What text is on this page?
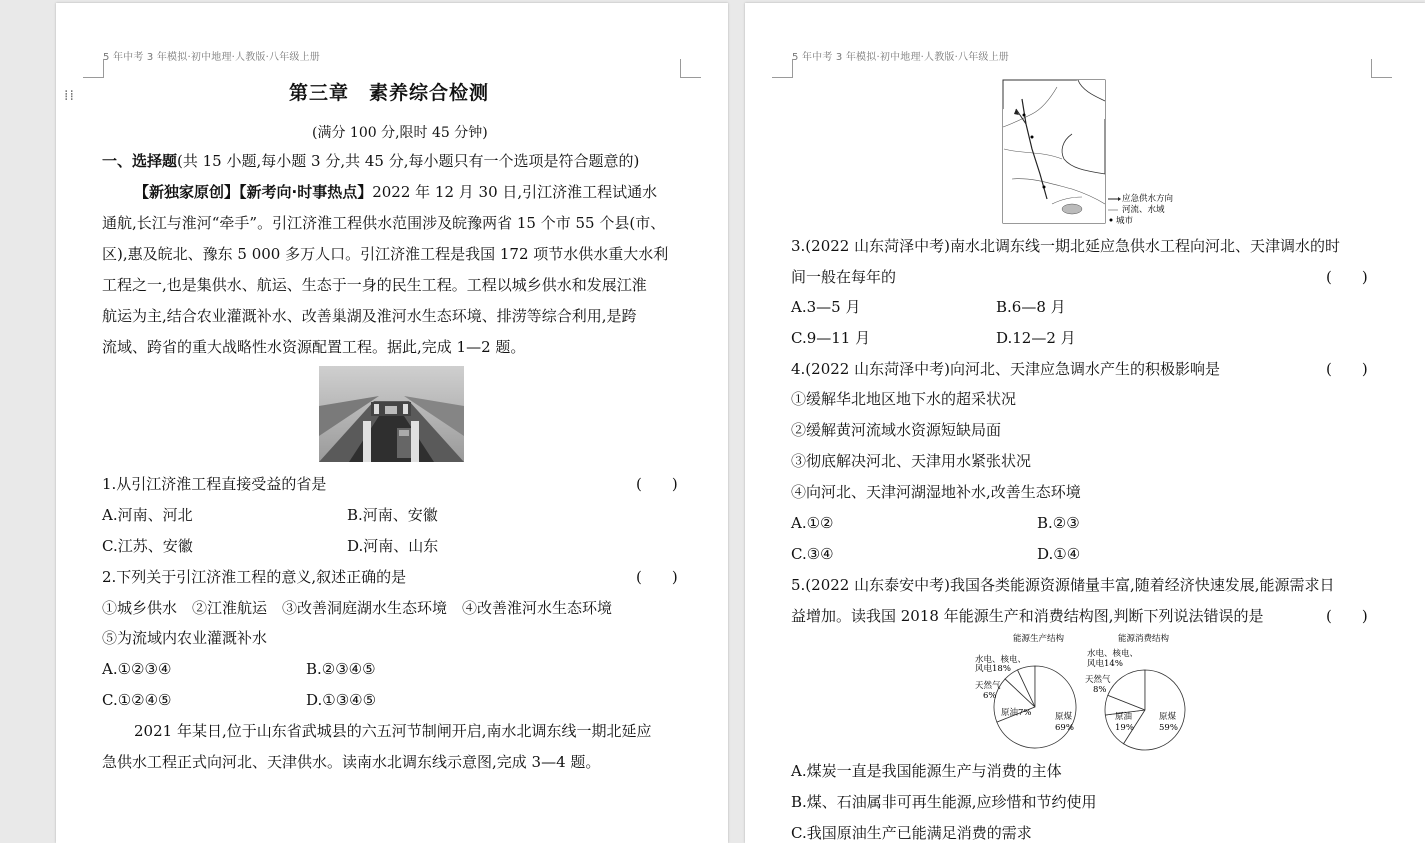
5 年中考 3 年模拟·初中地理·人教版·八年级上册
第三章　素养综合检测
(满分 100 分,限时 45 分钟)
一、选择题(共 15 小题,每小题 3 分,共 45 分,每小题只有一个选项是符合题意的)
【新独家原创】【新考向·时事热点】2022 年 12 月 30 日,引江济淮工程试通水
通航,长江与淮河“牵手”。引江济淮工程供水范围涉及皖豫两省 15 个市 55 个县(市、
区),惠及皖北、豫东 5 000 多万人口。引江济淮工程是我国 172 项节水供水重大水利
工程之一,也是集供水、航运、生态于一身的民生工程。工程以城乡供水和发展江淮
航运为主,结合农业灌溉补水、改善巢湖及淮河水生态环境、排涝等综合利用,是跨
流域、跨省的重大战略性水资源配置工程。据此,完成 1—2 题。
1.从引江济淮工程直接受益的省是	(　　)
A.河南、河北	B.河南、安徽
C.江苏、安徽	D.河南、山东
2.下列关于引江济淮工程的意义,叙述正确的是	(　　)
①城乡供水　②江淮航运　③改善洞庭湖水生态环境　④改善淮河水生态环境
⑤为流域内农业灌溉补水
A.①②③④	B.②③④⑤
C.①②④⑤	D.①③④⑤
2021 年某日,位于山东省武城县的六五河节制闸开启,南水北调东线一期北延应
急供水工程正式向河北、天津供水。读南水北调东线示意图,完成 3—4 题。
⁞⁞
5 年中考 3 年模拟·初中地理·人教版·八年级上册
应急供水方向
河流、水域
城市
3.(2022 山东菏泽中考)南水北调东线一期北延应急供水工程向河北、天津调水的时
间一般在每年的	(　　)
A.3—5 月	B.6—8 月
C.9—11 月	D.12—2 月
4.(2022 山东菏泽中考)向河北、天津应急调水产生的积极影响是	(　　)
①缓解华北地区地下水的超采状况
②缓解黄河流域水资源短缺局面
③彻底解决河北、天津用水紧张状况
④向河北、天津河湖湿地补水,改善生态环境
A.①②	B.②③
C.③④	D.①④
5.(2022 山东泰安中考)我国各类能源资源储量丰富,随着经济快速发展,能源需求日
益增加。读我国 2018 年能源生产和消费结构图,判断下列说法错误的是	(　　)
能源生产结构
水电、核电、
风电18%
天然气
6%
原油7%	原煤
69%
能源消费结构
水电、核电、
风电14%
天然气
8%
原油
19%
原煤
59%
A.煤炭一直是我国能源生产与消费的主体
B.煤、石油属非可再生能源,应珍惜和节约使用
C.我国原油生产已能满足消费的需求
